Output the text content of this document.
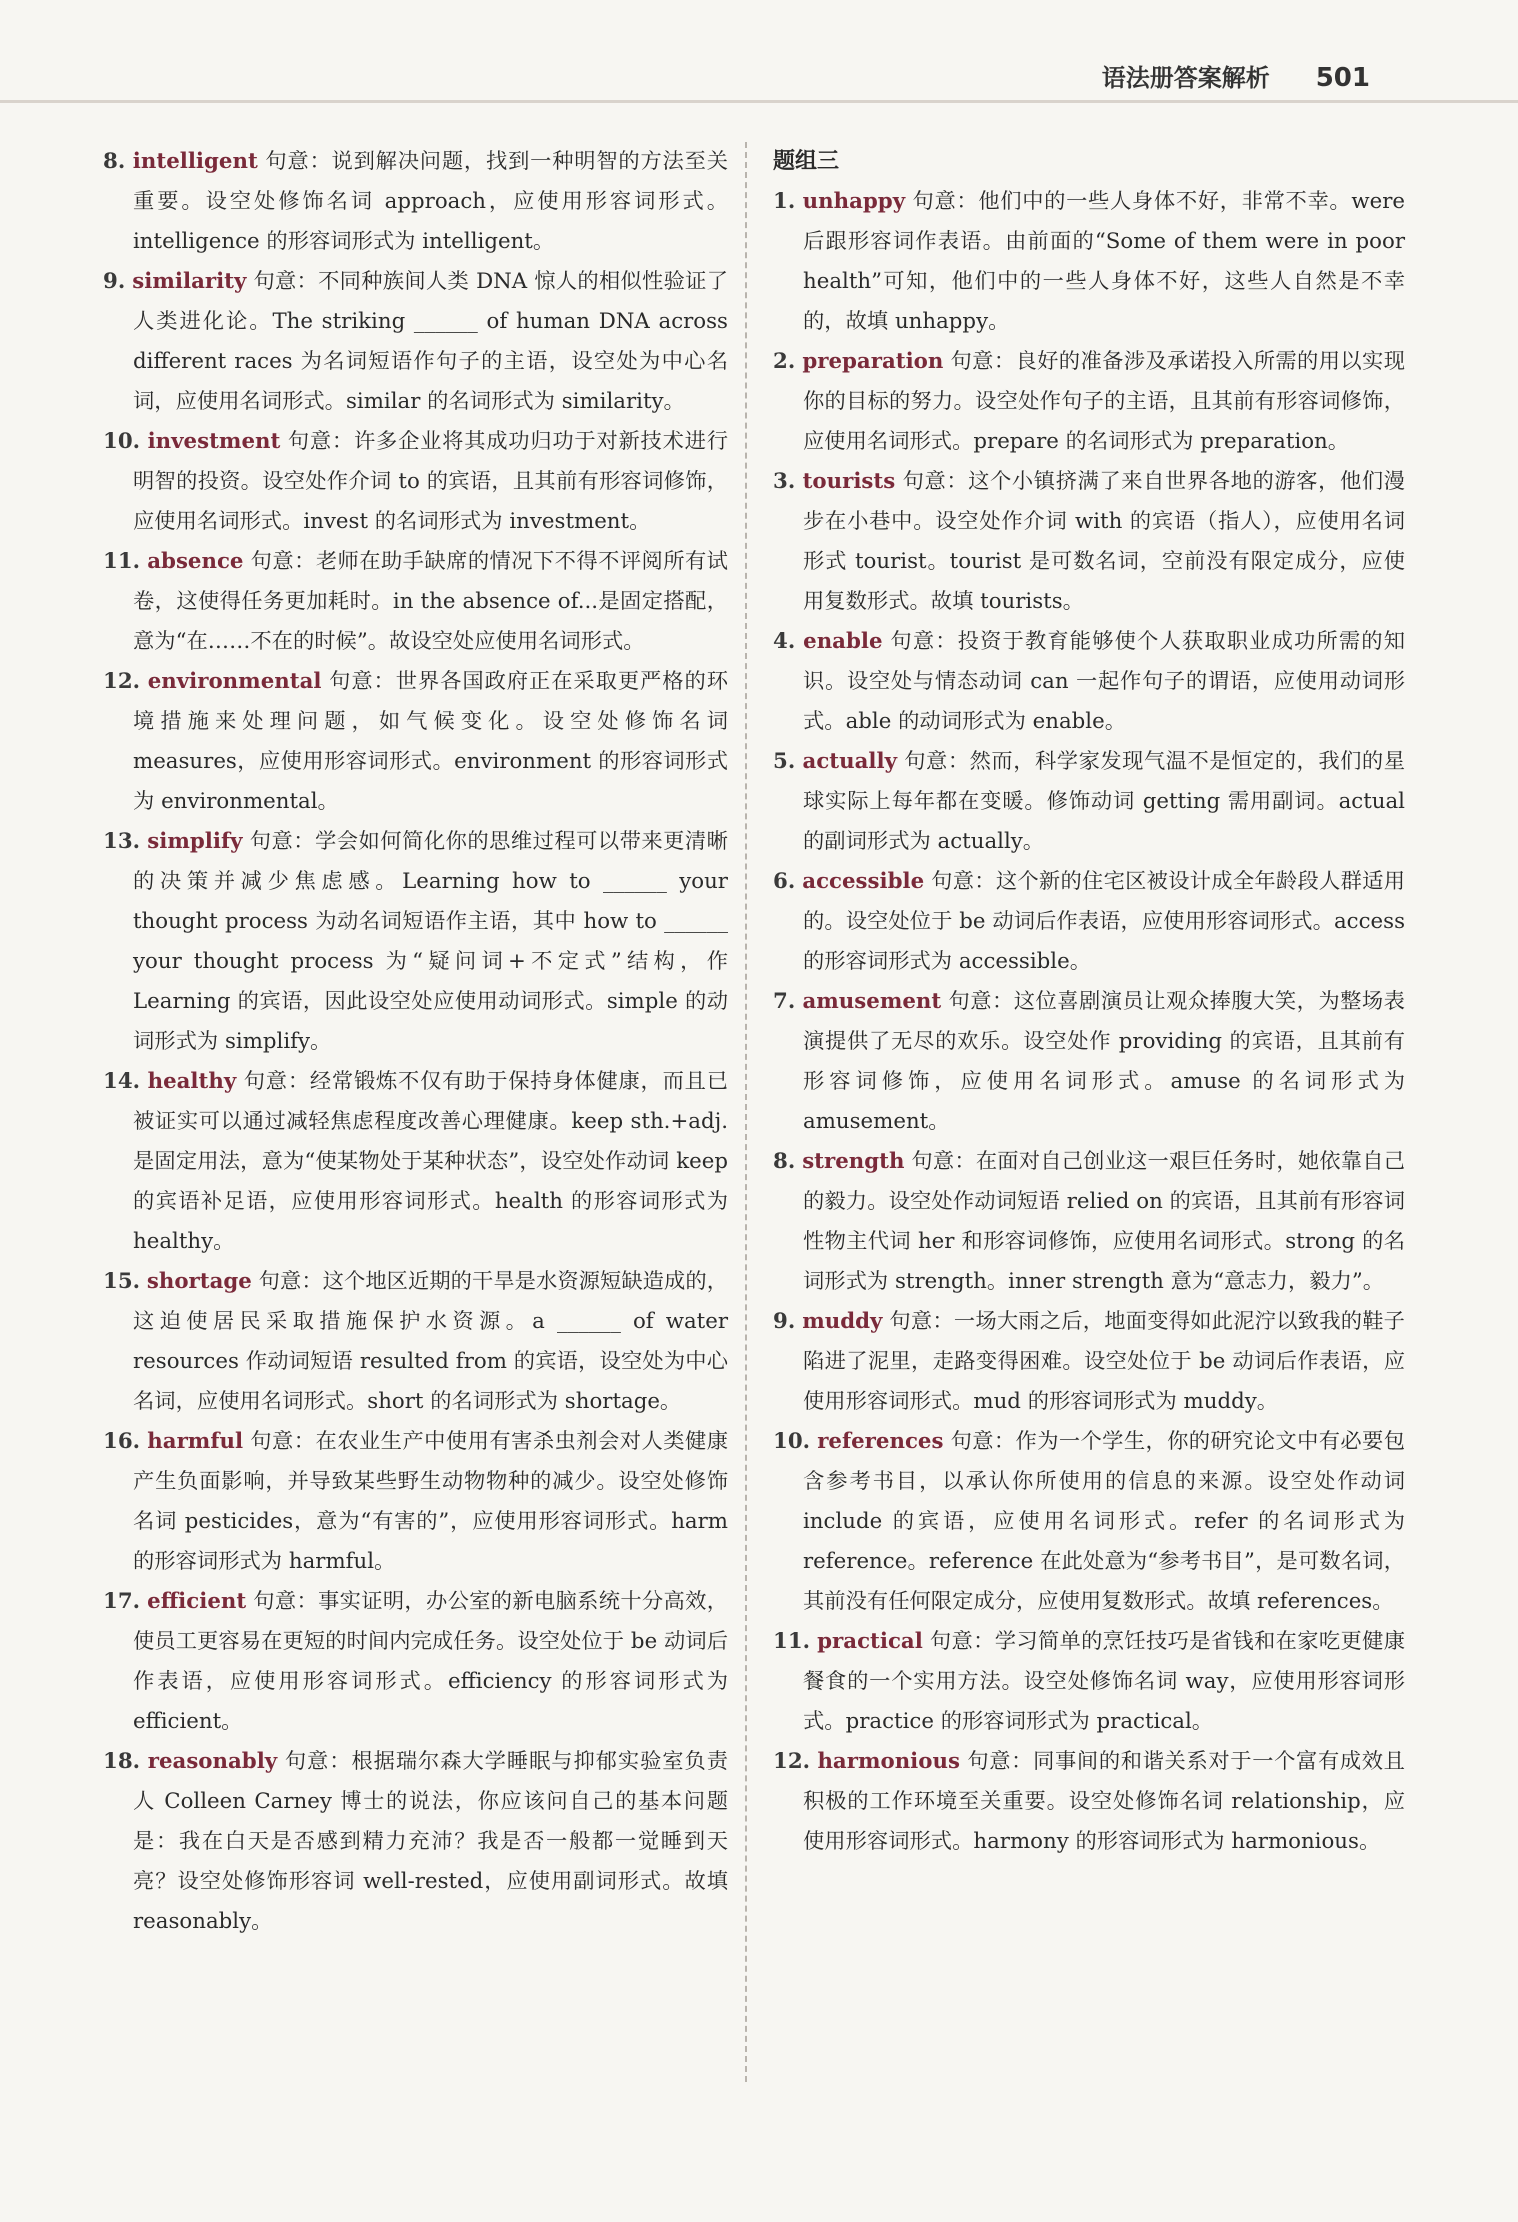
语法册答案解析 501

8. intelligent 句意：说到解决问题，找到一种明智的方法至关重要。设空处修饰名词 approach，应使用形容词形式。intelligence 的形容词形式为 intelligent。

9. similarity 句意：不同种族间人类 DNA 惊人的相似性验证了人类进化论。The striking ______ of human DNA across different races 为名词短语作句子的主语，设空处为中心名词，应使用名词形式。similar 的名词形式为 similarity。

10. investment 句意：许多企业将其成功归功于对新技术进行明智的投资。设空处作介词 to 的宾语，且其前有形容词修饰，应使用名词形式。invest 的名词形式为 investment。

11. absence 句意：老师在助手缺席的情况下不得不评阅所有试卷，这使得任务更加耗时。in the absence of...是固定搭配，意为“在……不在的时候”。故设空处应使用名词形式。

12. environmental 句意：世界各国政府正在采取更严格的环境措施来处理问题，如气候变化。设空处修饰名词 measures，应使用形容词形式。environment 的形容词形式为 environmental。

13. simplify 句意：学会如何简化你的思维过程可以带来更清晰的决策并减少焦虑感。Learning how to ______ your thought process 为动名词短语作主语，其中 how to ______ your thought process 为“疑问词+不定式”结构，作 Learning 的宾语，因此设空处应使用动词形式。simple 的动词形式为 simplify。

14. healthy 句意：经常锻炼不仅有助于保持身体健康，而且已被证实可以通过减轻焦虑程度改善心理健康。keep sth.+adj.是固定用法，意为“使某物处于某种状态”，设空处作动词 keep 的宾语补足语，应使用形容词形式。health 的形容词形式为 healthy。

15. shortage 句意：这个地区近期的干旱是水资源短缺造成的，这迫使居民采取措施保护水资源。a ______ of water resources 作动词短语 resulted from 的宾语，设空处为中心名词，应使用名词形式。short 的名词形式为 shortage。

16. harmful 句意：在农业生产中使用有害杀虫剂会对人类健康产生负面影响，并导致某些野生动物物种的减少。设空处修饰名词 pesticides，意为“有害的”，应使用形容词形式。harm 的形容词形式为 harmful。

17. efficient 句意：事实证明，办公室的新电脑系统十分高效，使员工更容易在更短的时间内完成任务。设空处位于 be 动词后作表语，应使用形容词形式。efficiency 的形容词形式为 efficient。

18. reasonably 句意：根据瑞尔森大学睡眠与抑郁实验室负责人 Colleen Carney 博士的说法，你应该问自己的基本问题是：我在白天是否感到精力充沛？我是否一般都一觉睡到天亮？设空处修饰形容词 well-rested，应使用副词形式。故填 reasonably。

题组三

1. unhappy 句意：他们中的一些人身体不好，非常不幸。were 后跟形容词作表语。由前面的“Some of them were in poor health”可知，他们中的一些人身体不好，这些人自然是不幸的，故填 unhappy。

2. preparation 句意：良好的准备涉及承诺投入所需的用以实现你的目标的努力。设空处作句子的主语，且其前有形容词修饰，应使用名词形式。prepare 的名词形式为 preparation。

3. tourists 句意：这个小镇挤满了来自世界各地的游客，他们漫步在小巷中。设空处作介词 with 的宾语（指人），应使用名词形式 tourist。tourist 是可数名词，空前没有限定成分，应使用复数形式。故填 tourists。

4. enable 句意：投资于教育能够使个人获取职业成功所需的知识。设空处与情态动词 can 一起作句子的谓语，应使用动词形式。able 的动词形式为 enable。

5. actually 句意：然而，科学家发现气温不是恒定的，我们的星球实际上每年都在变暖。修饰动词 getting 需用副词。actual 的副词形式为 actually。

6. accessible 句意：这个新的住宅区被设计成全年龄段人群适用的。设空处位于 be 动词后作表语，应使用形容词形式。access 的形容词形式为 accessible。

7. amusement 句意：这位喜剧演员让观众捧腹大笑，为整场表演提供了无尽的欢乐。设空处作 providing 的宾语，且其前有形容词修饰，应使用名词形式。amuse 的名词形式为 amusement。

8. strength 句意：在面对自己创业这一艰巨任务时，她依靠自己的毅力。设空处作动词短语 relied on 的宾语，且其前有形容词性物主代词 her 和形容词修饰，应使用名词形式。strong 的名词形式为 strength。inner strength 意为“意志力，毅力”。

9. muddy 句意：一场大雨之后，地面变得如此泥泞以致我的鞋子陷进了泥里，走路变得困难。设空处位于 be 动词后作表语，应使用形容词形式。mud 的形容词形式为 muddy。

10. references 句意：作为一个学生，你的研究论文中有必要包含参考书目，以承认你所使用的信息的来源。设空处作动词 include 的宾语，应使用名词形式。refer 的名词形式为 reference。reference 在此处意为“参考书目”，是可数名词，其前没有任何限定成分，应使用复数形式。故填 references。

11. practical 句意：学习简单的烹饪技巧是省钱和在家吃更健康餐食的一个实用方法。设空处修饰名词 way，应使用形容词形式。practice 的形容词形式为 practical。

12. harmonious 句意：同事间的和谐关系对于一个富有成效且积极的工作环境至关重要。设空处修饰名词 relationship，应使用形容词形式。harmony 的形容词形式为 harmonious。
